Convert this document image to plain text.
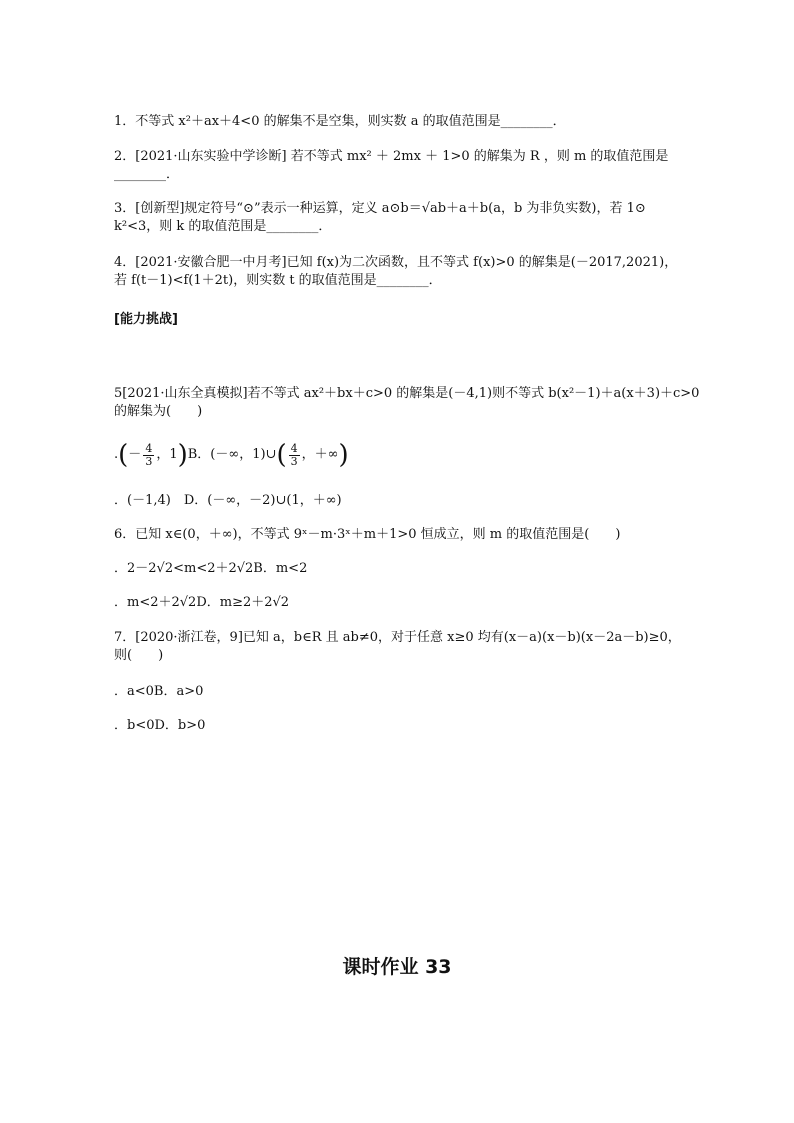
1．不等式 x²＋ax＋4<0 的解集不是空集，则实数 a 的取值范围是________．
2．[2021·山东实验中学诊断] 若不等式 mx² ＋ 2mx ＋ 1>0 的解集为 R ，则 m 的取值范围是
________．
3．[创新型]规定符号“⊙”表示一种运算，定义 a⊙b＝√ab＋a＋b(a，b 为非负实数)，若 1⊙
k²<3，则 k 的取值范围是________．
4．[2021·安徽合肥一中月考]已知 f(x)为二次函数，且不等式 f(x)>0 的解集是(－2017,2021)，
若 f(t－1)<f(1＋2t)，则实数 t 的取值范围是________．
[能力挑战]
5[2021·山东全真模拟]若不等式 ax²＋bx＋c>0 的解集是(－4,1)则不等式 b(x²－1)＋a(x＋3)＋c>0
的解集为(　　)
.(－ $\frac{4}{3}$ ，1)B．(－∞，1)∪( $\frac{4}{3}$ ，＋∞)
．(－1,4)　D．(－∞，－2)∪(1，＋∞)
6．已知 x∈(0，＋∞)，不等式 9ˣ－m·3ˣ＋m＋1>0 恒成立，则 m 的取值范围是(　　)
．2－2√2<m<2＋2√2B．m<2
．m<2＋2√2D．m≥2＋2√2
7．[2020·浙江卷，9]已知 a，b∈R 且 ab≠0，对于任意 x≥0 均有(x－a)(x－b)(x－2a－b)≥0，
则(　　)
．a<0B．a>0
．b<0D．b>0
课时作业 33
